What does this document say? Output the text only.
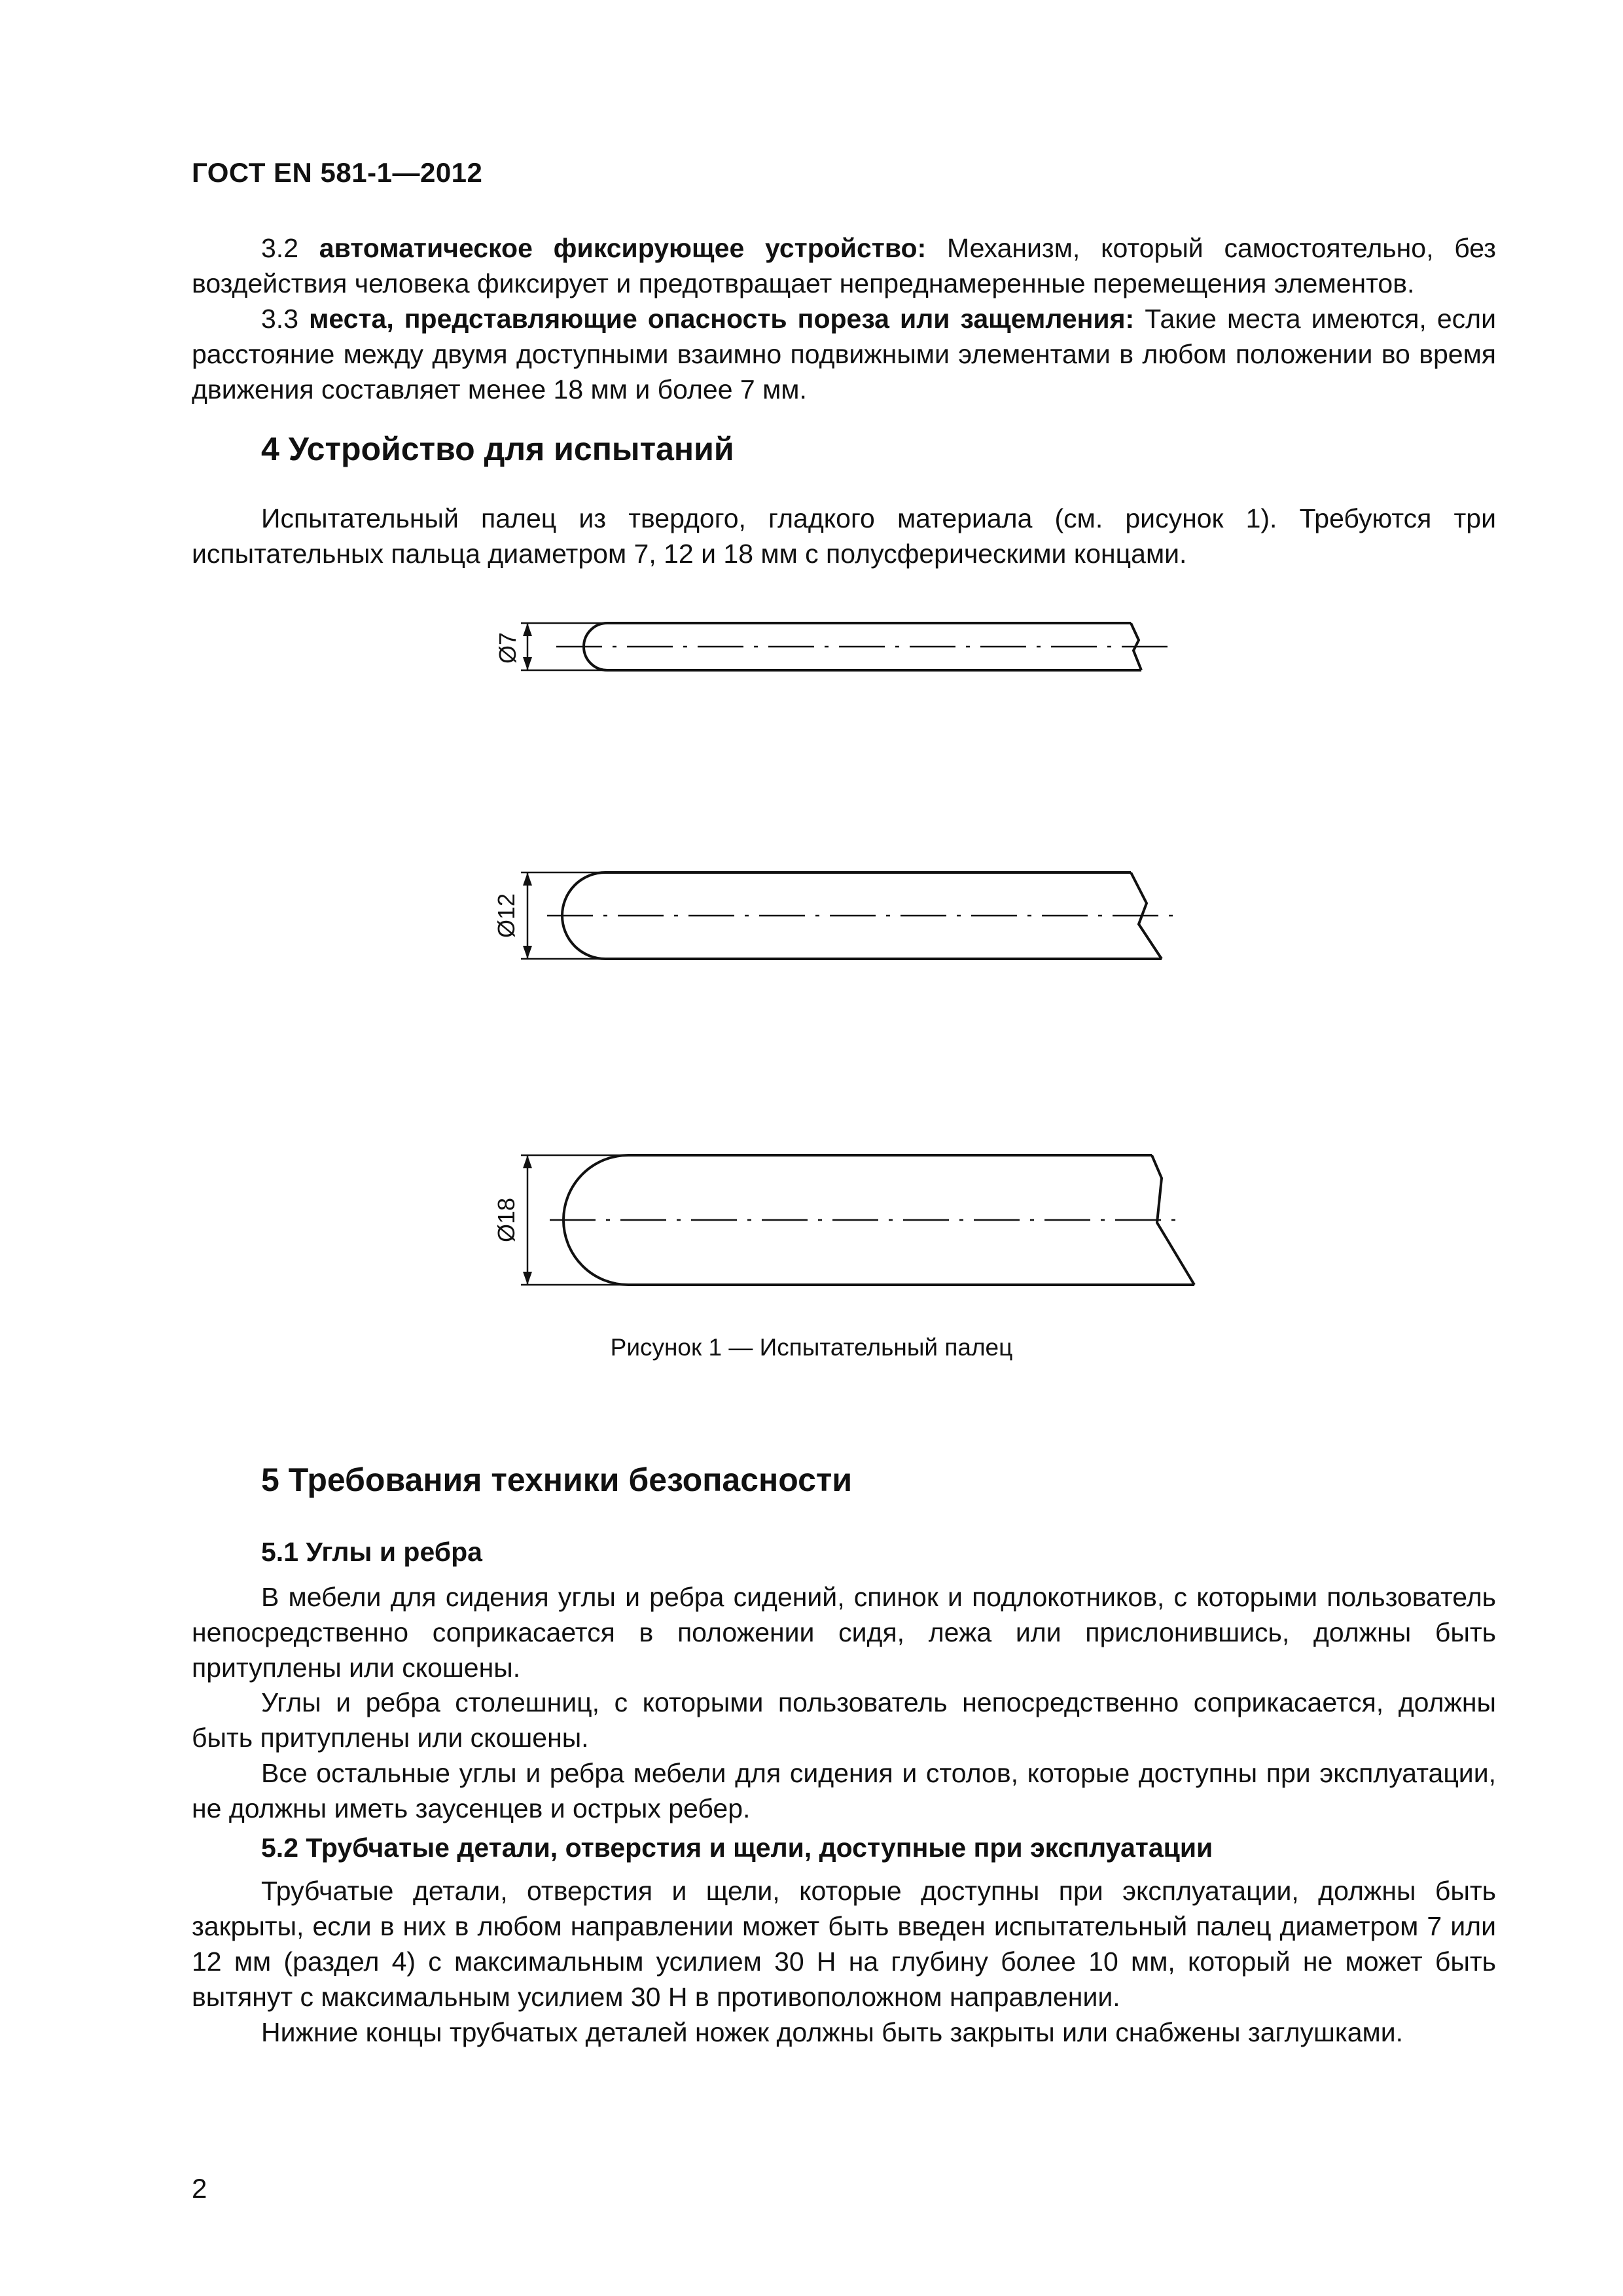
ГОСТ EN 581-1—2012
3.2 автоматическое фиксирующее устройство: Механизм, который самостоятельно, без воздействия человека фиксирует и предотвращает непреднамеренные перемещения элементов.
3.3 места, представляющие опасность пореза или защемления: Такие места имеются, если расстояние между двумя доступными взаимно подвижными элементами в любом положении во время движения составляет менее 18 мм и более 7 мм.
4 Устройство для испытаний
Испытательный палец из твердого, гладкого материала (см. рисунок 1). Требуются три испытательных пальца диаметром 7, 12 и 18 мм с полусферическими концами.
Ø7
Ø12
Ø18
Рисунок 1 — Испытательный палец
5 Требования техники безопасности
5.1 Углы и ребра
В мебели для сидения углы и ребра сидений, спинок и подлокотников, с которыми пользователь непосредственно соприкасается в положении сидя, лежа или прислонившись, должны быть притуплены или скошены.
Углы и ребра столешниц, с которыми пользователь непосредственно соприкасается, должны быть притуплены или скошены.
Все остальные углы и ребра мебели для сидения и столов, которые доступны при эксплуатации, не должны иметь заусенцев и острых ребер.
5.2 Трубчатые детали, отверстия и щели, доступные при эксплуатации
Трубчатые детали, отверстия и щели, которые доступны при эксплуатации, должны быть закрыты, если в них в любом направлении может быть введен испытательный палец диаметром 7 или 12 мм (раздел 4) с максимальным усилием 30 Н на глубину более 10 мм, который не может быть вытянут с максимальным усилием 30 Н в противоположном направлении.
Нижние концы трубчатых деталей ножек должны быть закрыты или снабжены заглушками.
2
